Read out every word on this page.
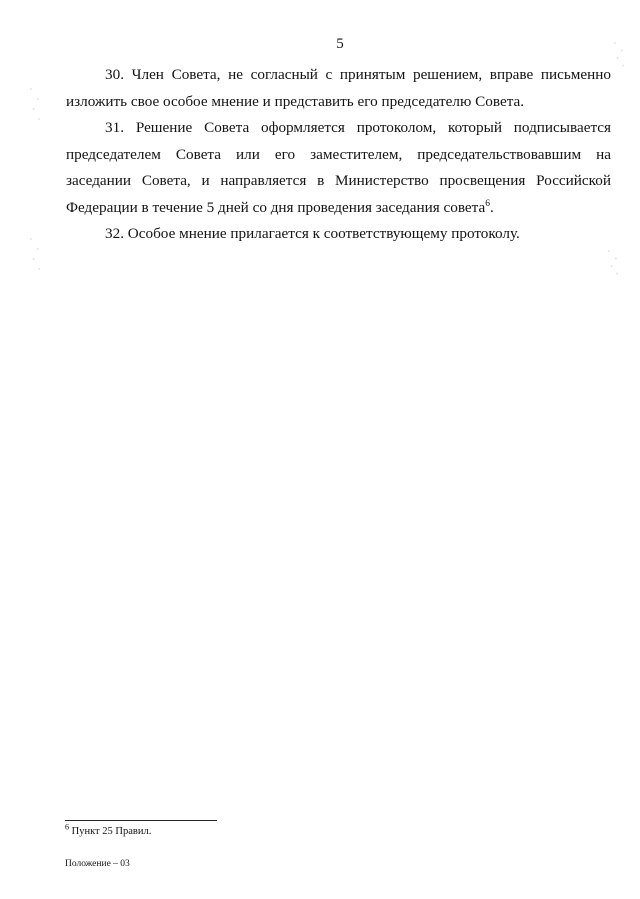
5

30. Член Совета, не согласный с принятым решением, вправе письменно изложить свое особое мнение и представить его председателю Совета.

31. Решение Совета оформляется протоколом, который подписывается председателем Совета или его заместителем, председательствовавшим на заседании Совета, и направляется в Министерство просвещения Российской Федерации в течение 5 дней со дня проведения заседания совета$^6$.

32. Особое мнение прилагается к соответствующему протоколу.

$^6$ Пункт 25 Правил.
Положение – 03
